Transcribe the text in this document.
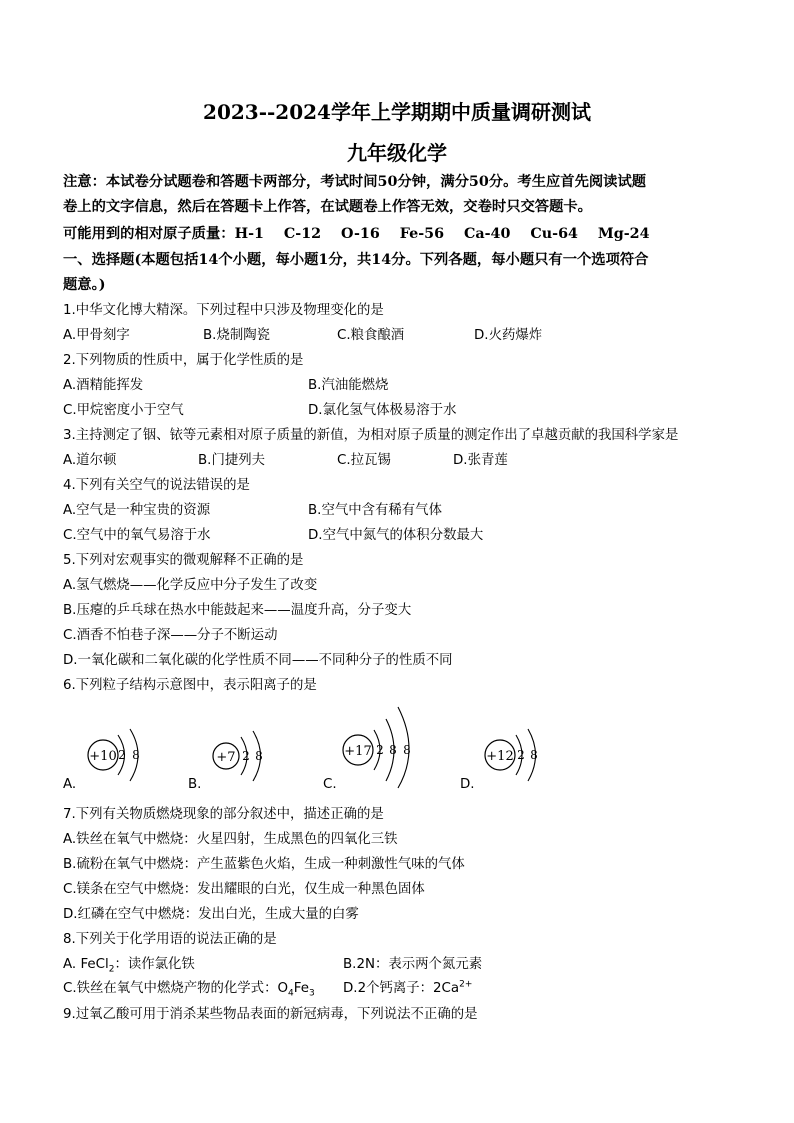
2023--2024学年上学期期中质量调研测试
九年级化学
注意：本试卷分试题卷和答题卡两部分，考试时间50分钟，满分50分。考生应首先阅读试题
卷上的文字信息，然后在答题卡上作答，在试题卷上作答无效，交卷时只交答题卡。
可能用到的相对原子质量：H-1 C-12 O-16 Fe-56 Ca-40 Cu-64 Mg-24
一、选择题(本题包括14个小题，每小题1分，共14分。下列各题，每小题只有一个选项符合
题意。)
1.中华文化博大精深。下列过程中只涉及物理变化的是
A.甲骨刻字	B.烧制陶瓷	C.粮食酿酒	D.火药爆炸
2.下列物质的性质中，属于化学性质的是
A.酒精能挥发	B.汽油能燃烧
C.甲烷密度小于空气	D.氯化氢气体极易溶于水
3.主持测定了铟、铱等元素相对原子质量的新值，为相对原子质量的测定作出了卓越贡献的我国科学家是
A.道尔顿	B.门捷列夫	C.拉瓦锡	D.张青莲
4.下列有关空气的说法错误的是
A.空气是一种宝贵的资源	B.空气中含有稀有气体
C.空气中的氧气易溶于水	D.空气中氮气的体积分数最大
5.下列对宏观事实的微观解释不正确的是
A.氢气燃烧——化学反应中分子发生了改变
B.压瘪的乒乓球在热水中能鼓起来——温度升高，分子变大
C.酒香不怕巷子深——分子不断运动
D.一氧化碳和二氧化碳的化学性质不同——不同种分子的性质不同
6.下列粒子结构示意图中，表示阳离子的是
+10 2 8	+7 2 8	+17 2 8 8	+12 2 8
A.	B.	C.	D.
7.下列有关物质燃烧现象的部分叙述中，描述正确的是
A.铁丝在氧气中燃烧：火星四射，生成黑色的四氧化三铁
B.硫粉在氧气中燃烧：产生蓝紫色火焰，生成一种刺激性气味的气体
C.镁条在空气中燃烧：发出耀眼的白光，仅生成一种黑色固体
D.红磷在空气中燃烧：发出白光，生成大量的白雾
8.下列关于化学用语的说法正确的是
A. FeCl$_2$：读作氯化铁	B.2N：表示两个氮元素
C.铁丝在氧气中燃烧产物的化学式：$O_4Fe_3$ D.2个钙离子：$2Ca^{2+}$
9.过氧乙酸可用于消杀某些物品表面的新冠病毒，下列说法不正确的是
